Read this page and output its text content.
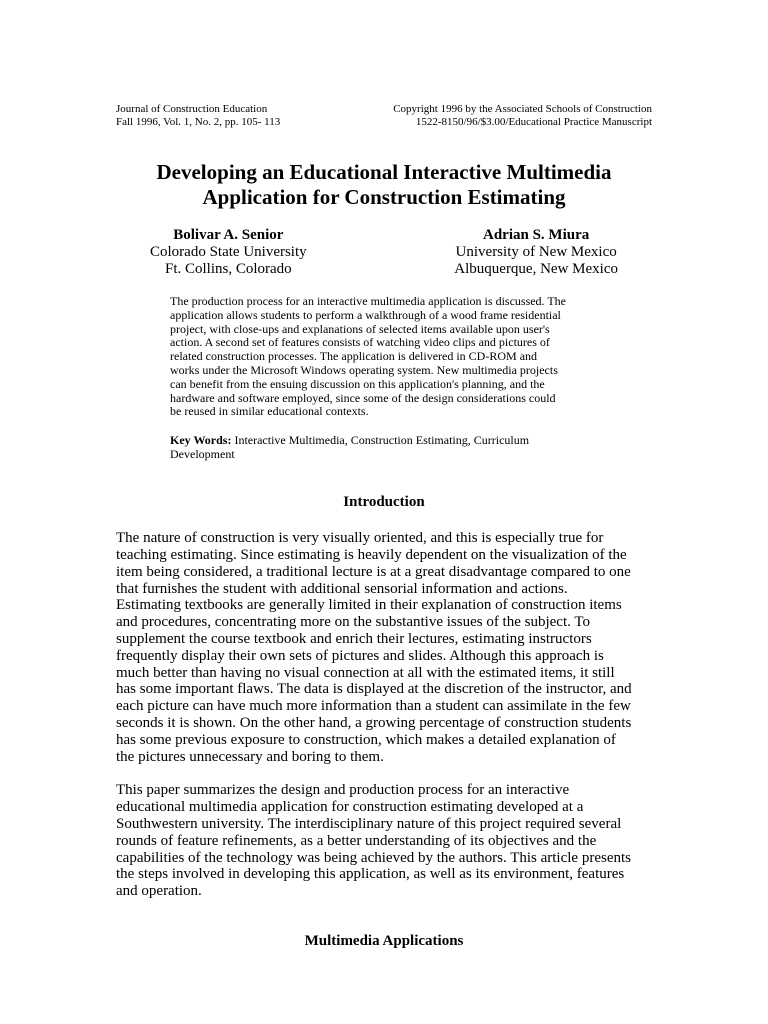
Journal of Construction Education
Fall 1996, Vol. 1, No. 2, pp. 105- 113
Copyright 1996 by the Associated Schools of Construction
1522-8150/96/$3.00/Educational Practice Manuscript
Developing an Educational Interactive Multimedia
Application for Construction Estimating
Bolivar A. Senior
Colorado State University
Ft. Collins, Colorado
Adrian S. Miura
University of New Mexico
Albuquerque, New Mexico
The production process for an interactive multimedia application is discussed. The
application allows students to perform a walkthrough of a wood frame residential
project, with close-ups and explanations of selected items available upon user's
action. A second set of features consists of watching video clips and pictures of
related construction processes. The application is delivered in CD-ROM and
works under the Microsoft Windows operating system. New multimedia projects
can benefit from the ensuing discussion on this application's planning, and the
hardware and software employed, since some of the design considerations could
be reused in similar educational contexts.
Key Words: Interactive Multimedia, Construction Estimating, Curriculum
Development
Introduction
The nature of construction is very visually oriented, and this is especially true for
teaching estimating. Since estimating is heavily dependent on the visualization of the
item being considered, a traditional lecture is at a great disadvantage compared to one
that furnishes the student with additional sensorial information and actions.
Estimating textbooks are generally limited in their explanation of construction items
and procedures, concentrating more on the substantive issues of the subject. To
supplement the course textbook and enrich their lectures, estimating instructors
frequently display their own sets of pictures and slides. Although this approach is
much better than having no visual connection at all with the estimated items, it still
has some important flaws. The data is displayed at the discretion of the instructor, and
each picture can have much more information than a student can assimilate in the few
seconds it is shown. On the other hand, a growing percentage of construction students
has some previous exposure to construction, which makes a detailed explanation of
the pictures unnecessary and boring to them.
This paper summarizes the design and production process for an interactive
educational multimedia application for construction estimating developed at a
Southwestern university. The interdisciplinary nature of this project required several
rounds of feature refinements, as a better understanding of its objectives and the
capabilities of the technology was being achieved by the authors. This article presents
the steps involved in developing this application, as well as its environment, features
and operation.
Multimedia Applications
